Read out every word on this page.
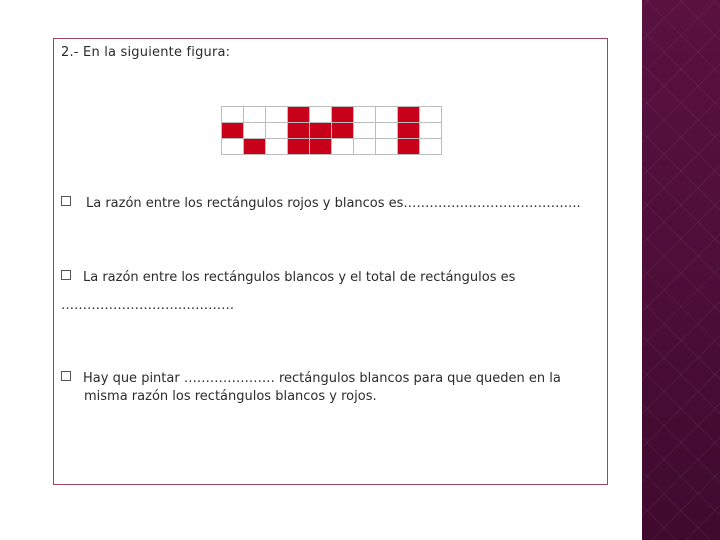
2.- En la siguiente figura:
La razón entre los rectángulos rojos y blancos es…………………………………..
La razón entre los rectángulos blancos y el total de rectángulos es
……………………….…………
Hay que pintar ………………… rectángulos blancos para que queden en la
misma razón los rectángulos blancos y rojos.
